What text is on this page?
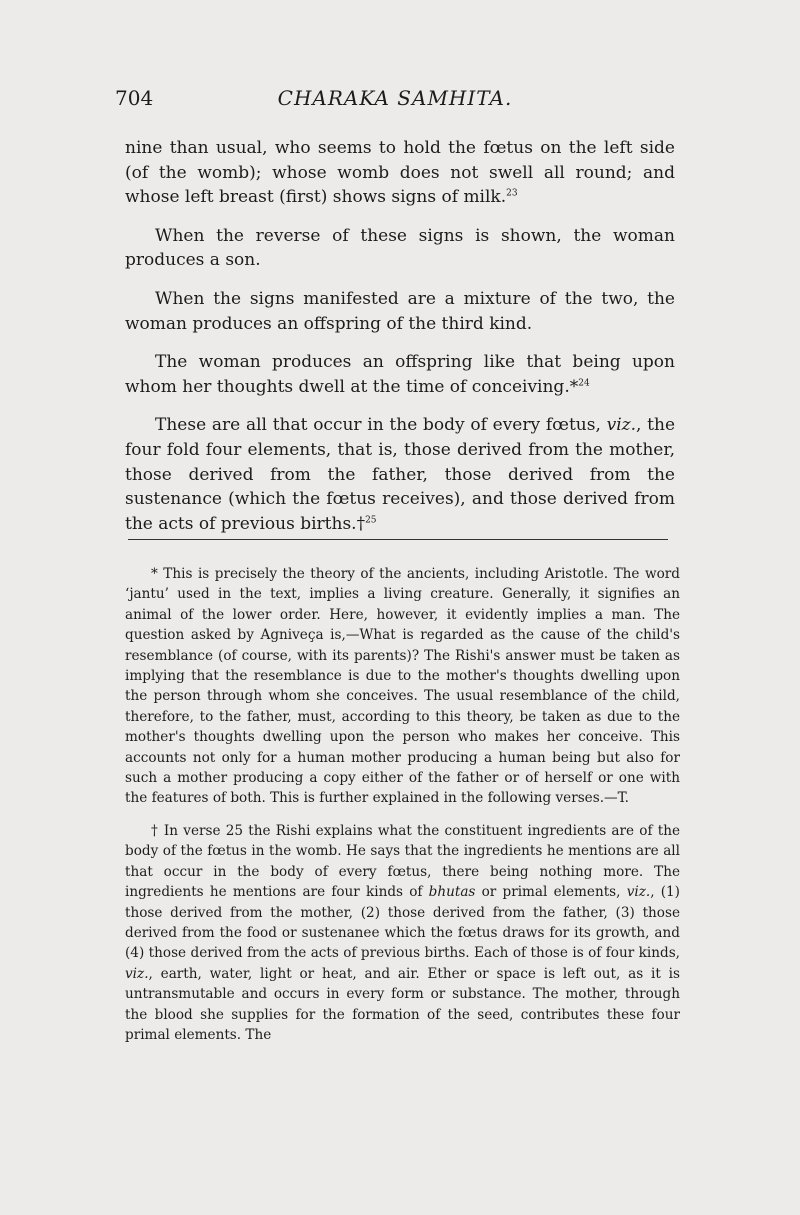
704	CHARAKA SAMHITA.

nine than usual, who seems to hold the fœtus on the left side (of the womb); whose womb does not swell all round; and whose left breast (first) shows signs of milk.$^{23}$

When the reverse of these signs is shown, the woman produces a son.

When the signs manifested are a mixture of the two, the woman produces an offspring of the third kind.

The woman produces an offspring like that being upon whom her thoughts dwell at the time of conceiving.*$^{24}$

These are all that occur in the body of every fœtus, viz., the four fold four elements, that is, those derived from the mother, those derived from the father, those derived from the sustenance (which the fœtus receives), and those derived from the acts of previous births.†$^{25}$

* This is precisely the theory of the ancients, including Aristotle. The word ‘jantu’ used in the text, implies a living creature. Generally, it signifies an animal of the lower order. Here, however, it evidently implies a man. The question asked by Agniveça is,—What is regarded as the cause of the child's resemblance (of course, with its parents)? The Rishi's answer must be taken as implying that the resemblance is due to the mother's thoughts dwelling upon the person through whom she conceives. The usual resemblance of the child, therefore, to the father, must, according to this theory, be taken as due to the mother's thoughts dwelling upon the person who makes her conceive. This accounts not only for a human mother producing a human being but also for such a mother producing a copy either of the father or of herself or one with the features of both. This is further explained in the following verses.—T.

† In verse 25 the Rishi explains what the constituent ingredients are of the body of the fœtus in the womb. He says that the ingredients he mentions are all that occur in the body of every fœtus, there being nothing more. The ingredients he mentions are four kinds of bhutas or primal elements, viz., (1) those derived from the mother, (2) those derived from the father, (3) those derived from the food or sustenanee which the fœtus draws for its growth, and (4) those derived from the acts of previous births. Each of those is of four kinds, viz., earth, water, light or heat, and air. Ether or space is left out, as it is untransmutable and occurs in every form or substance. The mother, through the blood she supplies for the formation of the seed, contributes these four primal elements. The
